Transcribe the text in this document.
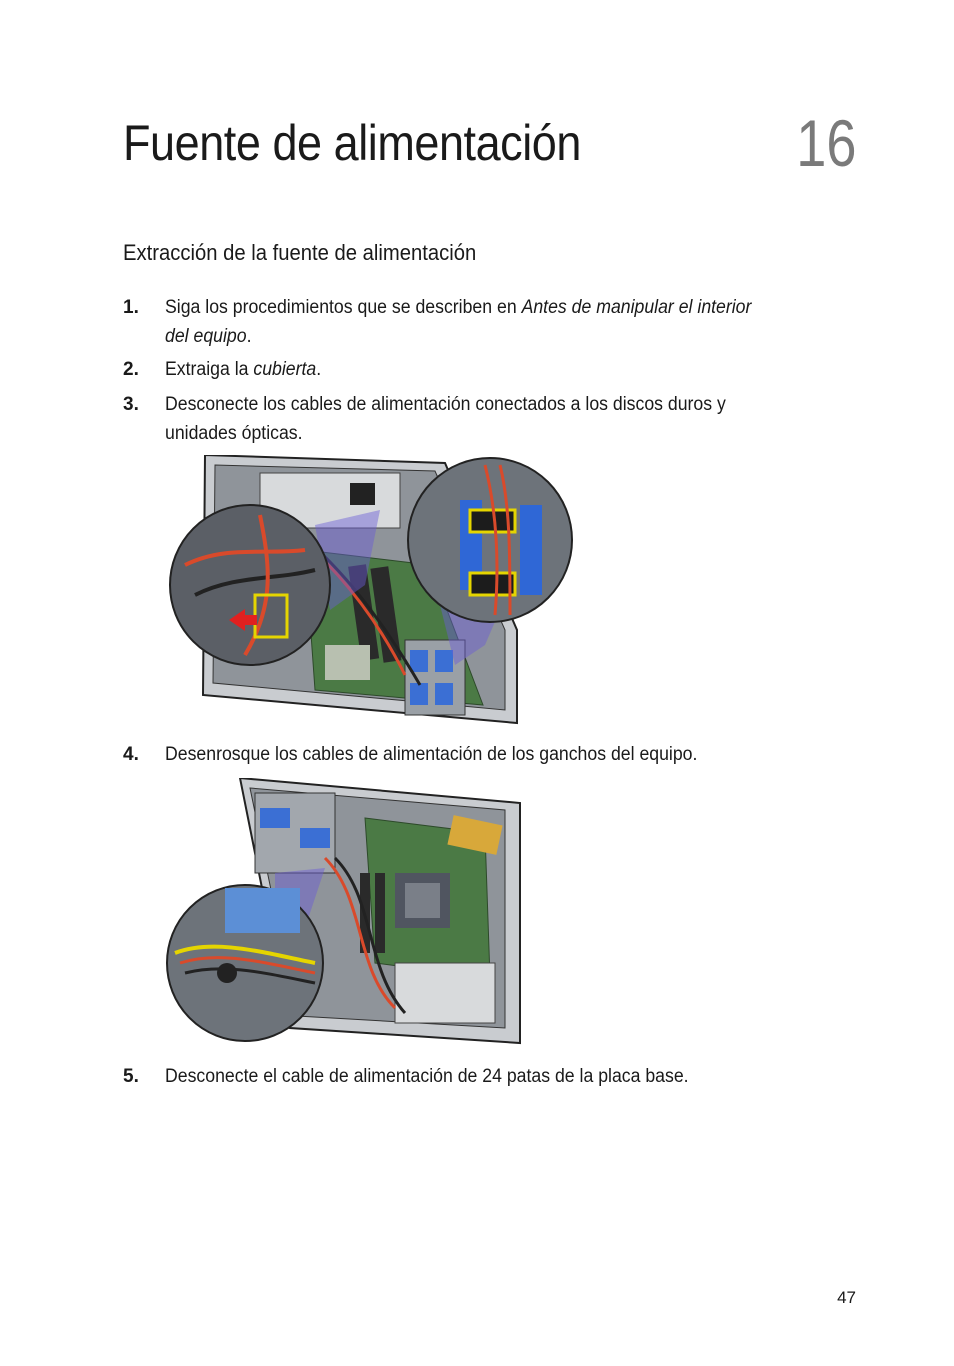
Fuente de alimentación	16
Extracción de la fuente de alimentación
1. Siga los procedimientos que se describen en Antes de manipular el interior
del equipo.
2. Extraiga la cubierta.
3. Desconecte los cables de alimentación conectados a los discos duros y
unidades ópticas.
4. Desenrosque los cables de alimentación de los ganchos del equipo.
5. Desconecte el cable de alimentación de 24 patas de la placa base.
47
